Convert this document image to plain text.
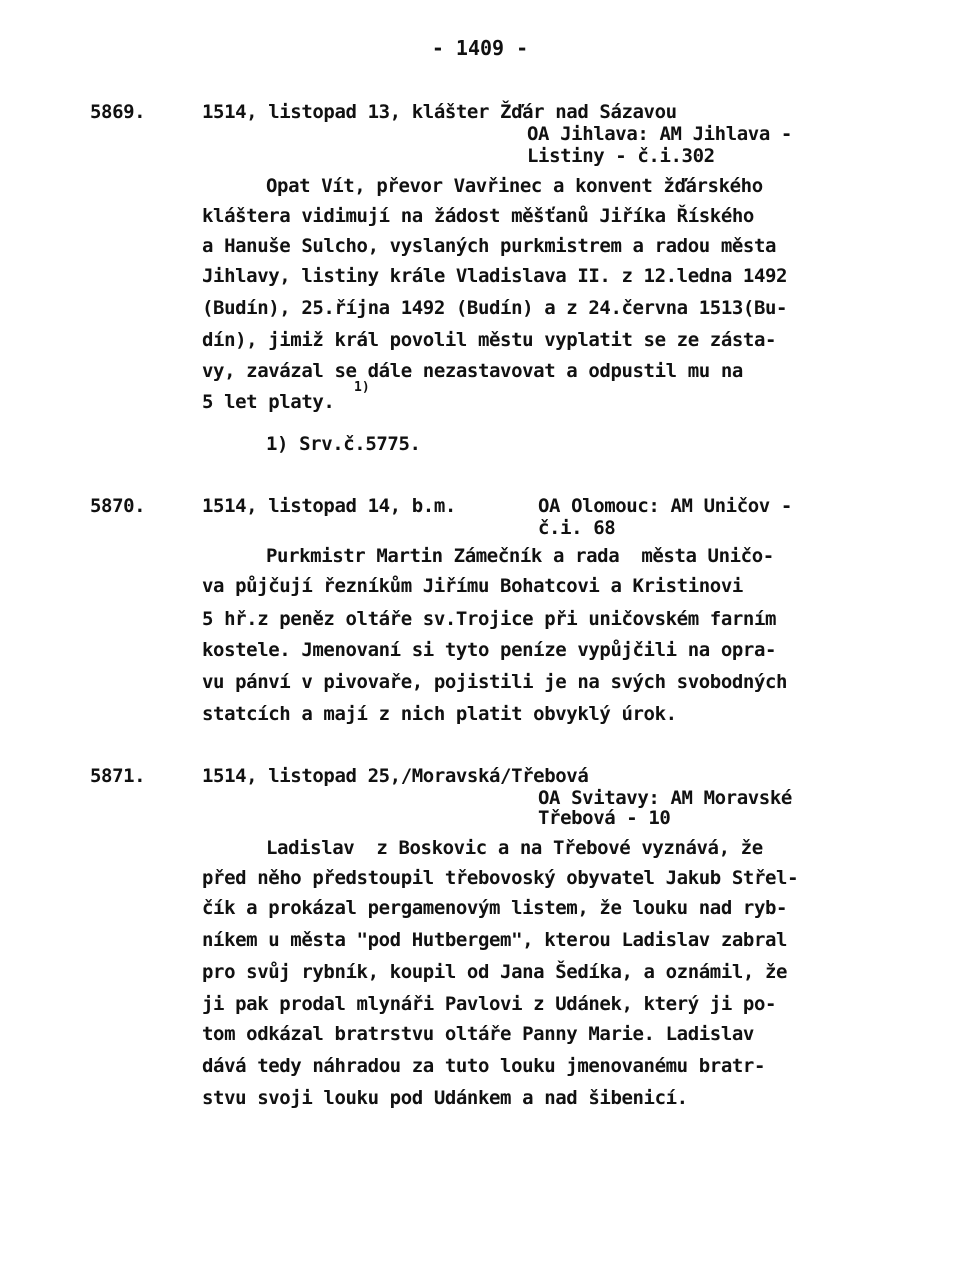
- 1409 -
5869.	1514, listopad 13, klášter Žďár nad Sázavou
OA Jihlava: AM Jihlava -
Listiny - č.i.302
Opat Vít, převor Vavřinec a konvent žďárského
kláštera vidimují na žádost měšťanů Jiříka Říského
a Hanuše Sulcho, vyslaných purkmistrem a radou města
Jihlavy, listiny krále Vladislava II. z 12.ledna 1492
(Budín), 25.října 1492 (Budín) a z 24.června 1513(Bu-
dín), jimiž král povolil městu vyplatit se ze zásta-
vy, zavázal se dále nezastavovat a odpustil mu na
5 let platy.
1)
1) Srv.č.5775.
5870.	1514, listopad 14, b.m.	OA Olomouc: AM Uničov -
č.i. 68
Purkmistr Martin Zámečník a rada  města Uničo-
va půjčují řezníkům Jiřímu Bohatcovi a Kristinovi
5 hř.z peněz oltáře sv.Trojice při uničovském farním
kostele. Jmenovaní si tyto peníze vypůjčili na opra-
vu pánví v pivovaře, pojistili je na svých svobodných
statcích a mají z nich platit obvyklý úrok.
5871.	1514, listopad 25,/Moravská/Třebová
OA Svitavy: AM Moravské
Třebová - 10
Ladislav  z Boskovic a na Třebové vyznává, že
před něho předstoupil třebovoský obyvatel Jakub Střel-
čík a prokázal pergamenovým listem, že louku nad ryb-
níkem u města "pod Hutbergem", kterou Ladislav zabral
pro svůj rybník, koupil od Jana Šedíka, a oznámil, že
ji pak prodal mlynáři Pavlovi z Udánek, který ji po-
tom odkázal bratrstvu oltáře Panny Marie. Ladislav
dává tedy náhradou za tuto louku jmenovanému bratr-
stvu svoji louku pod Udánkem a nad šibenicí.
